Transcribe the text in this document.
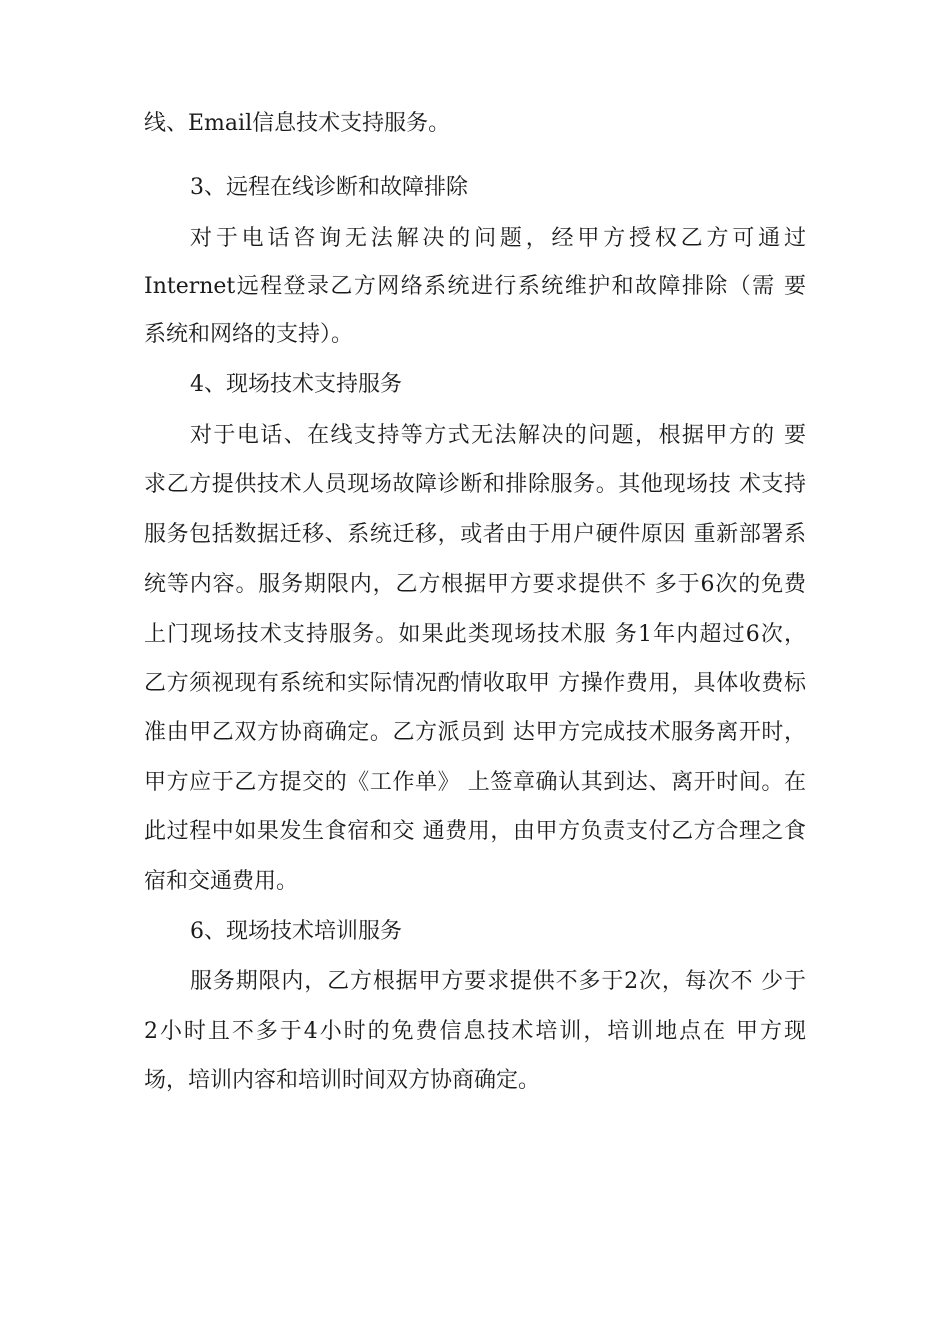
线、Email信息技术支持服务。
3、远程在线诊断和故障排除
对于电话咨询无法解决的问题，经甲方授权乙方可通过
Internet远程登录乙方网络系统进行系统维护和故障排除（需 要
系统和网络的支持）。
4、现场技术支持服务
对于电话、在线支持等方式无法解决的问题，根据甲方的 要
求乙方提供技术人员现场故障诊断和排除服务。其他现场技 术支持
服务包括数据迁移、系统迁移，或者由于用户硬件原因 重新部署系
统等内容。服务期限内，乙方根据甲方要求提供不 多于6次的免费
上门现场技术支持服务。如果此类现场技术服 务1年内超过6次，
乙方须视现有系统和实际情况酌情收取甲 方操作费用，具体收费标
准由甲乙双方协商确定。乙方派员到 达甲方完成技术服务离开时，
甲方应于乙方提交的《工作单》 上签章确认其到达、离开时间。在
此过程中如果发生食宿和交 通费用，由甲方负责支付乙方合理之食
宿和交通费用。
6、现场技术培训服务
服务期限内，乙方根据甲方要求提供不多于2次，每次不 少于
2小时且不多于4小时的免费信息技术培训，培训地点在 甲方现
场，培训内容和培训时间双方协商确定。
